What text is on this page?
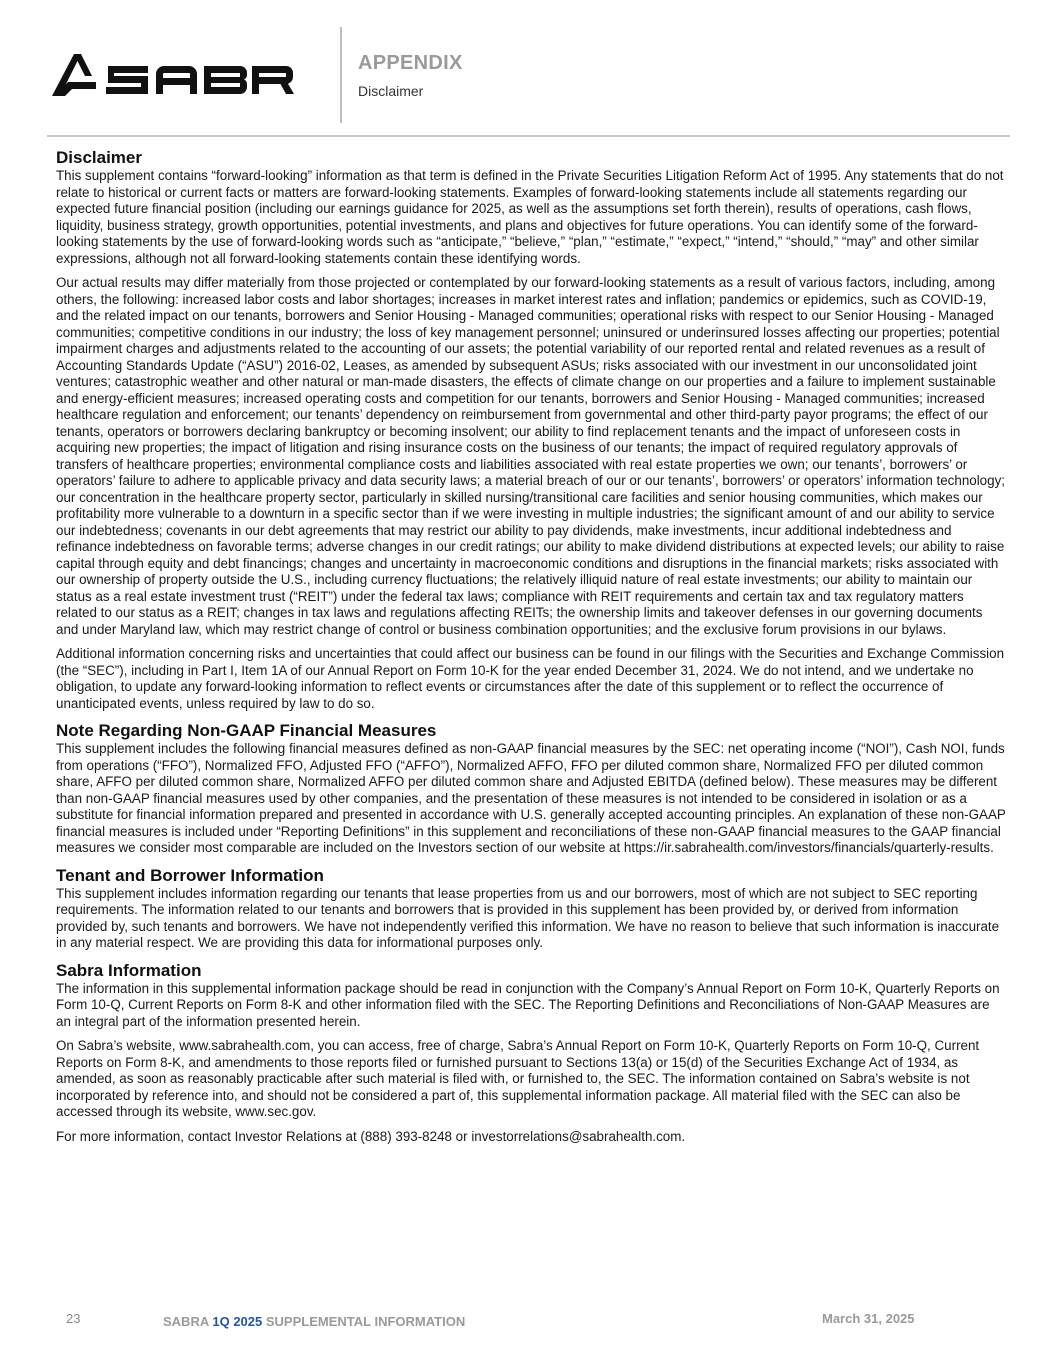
APPENDIX
Disclaimer
Disclaimer

This supplement contains “forward-looking” information as that term is defined in the Private Securities Litigation Reform Act of 1995. Any statements that do not relate to historical or current facts or matters are forward-looking statements. Examples of forward-looking statements include all statements regarding our expected future financial position (including our earnings guidance for 2025, as well as the assumptions set forth therein), results of operations, cash flows, liquidity, business strategy, growth opportunities, potential investments, and plans and objectives for future operations. You can identify some of the forward-looking statements by the use of forward-looking words such as “anticipate,” “believe,” “plan,” “estimate,” “expect,” “intend,” “should,” “may” and other similar expressions, although not all forward-looking statements contain these identifying words.

Our actual results may differ materially from those projected or contemplated by our forward-looking statements as a result of various factors, including, among others, the following: increased labor costs and labor shortages; increases in market interest rates and inflation; pandemics or epidemics, such as COVID-19, and the related impact on our tenants, borrowers and Senior Housing - Managed communities; operational risks with respect to our Senior Housing - Managed communities; competitive conditions in our industry; the loss of key management personnel; uninsured or underinsured losses affecting our properties; potential impairment charges and adjustments related to the accounting of our assets; the potential variability of our reported rental and related revenues as a result of Accounting Standards Update (“ASU”) 2016-02, Leases, as amended by subsequent ASUs; risks associated with our investment in our unconsolidated joint ventures; catastrophic weather and other natural or man-made disasters, the effects of climate change on our properties and a failure to implement sustainable and energy-efficient measures; increased operating costs and competition for our tenants, borrowers and Senior Housing - Managed communities; increased healthcare regulation and enforcement; our tenants’ dependency on reimbursement from governmental and other third-party payor programs; the effect of our tenants, operators or borrowers declaring bankruptcy or becoming insolvent; our ability to find replacement tenants and the impact of unforeseen costs in acquiring new properties; the impact of litigation and rising insurance costs on the business of our tenants; the impact of required regulatory approvals of transfers of healthcare properties; environmental compliance costs and liabilities associated with real estate properties we own; our tenants’, borrowers’ or operators’ failure to adhere to applicable privacy and data security laws; a material breach of our or our tenants’, borrowers’ or operators’ information technology; our concentration in the healthcare property sector, particularly in skilled nursing/transitional care facilities and senior housing communities, which makes our profitability more vulnerable to a downturn in a specific sector than if we were investing in multiple industries; the significant amount of and our ability to service our indebtedness; covenants in our debt agreements that may restrict our ability to pay dividends, make investments, incur additional indebtedness and refinance indebtedness on favorable terms; adverse changes in our credit ratings; our ability to make dividend distributions at expected levels; our ability to raise capital through equity and debt financings; changes and uncertainty in macroeconomic conditions and disruptions in the financial markets; risks associated with our ownership of property outside the U.S., including currency fluctuations; the relatively illiquid nature of real estate investments; our ability to maintain our status as a real estate investment trust (“REIT”) under the federal tax laws; compliance with REIT requirements and certain tax and tax regulatory matters related to our status as a REIT; changes in tax laws and regulations affecting REITs; the ownership limits and takeover defenses in our governing documents and under Maryland law, which may restrict change of control or business combination opportunities; and the exclusive forum provisions in our bylaws.

Additional information concerning risks and uncertainties that could affect our business can be found in our filings with the Securities and Exchange Commission (the “SEC”), including in Part I, Item 1A of our Annual Report on Form 10-K for the year ended December 31, 2024. We do not intend, and we undertake no obligation, to update any forward-looking information to reflect events or circumstances after the date of this supplement or to reflect the occurrence of unanticipated events, unless required by law to do so.

Note Regarding Non-GAAP Financial Measures

This supplement includes the following financial measures defined as non-GAAP financial measures by the SEC: net operating income (“NOI”), Cash NOI, funds from operations (“FFO”), Normalized FFO, Adjusted FFO (“AFFO”), Normalized AFFO, FFO per diluted common share, Normalized FFO per diluted common share, AFFO per diluted common share, Normalized AFFO per diluted common share and Adjusted EBITDA (defined below). These measures may be different than non-GAAP financial measures used by other companies, and the presentation of these measures is not intended to be considered in isolation or as a substitute for financial information prepared and presented in accordance with U.S. generally accepted accounting principles. An explanation of these non-GAAP financial measures is included under “Reporting Definitions” in this supplement and reconciliations of these non-GAAP financial measures to the GAAP financial measures we consider most comparable are included on the Investors section of our website at https://ir.sabrahealth.com/investors/financials/quarterly-results.

Tenant and Borrower Information

This supplement includes information regarding our tenants that lease properties from us and our borrowers, most of which are not subject to SEC reporting requirements. The information related to our tenants and borrowers that is provided in this supplement has been provided by, or derived from information provided by, such tenants and borrowers. We have not independently verified this information. We have no reason to believe that such information is inaccurate in any material respect. We are providing this data for informational purposes only.

Sabra Information

The information in this supplemental information package should be read in conjunction with the Company’s Annual Report on Form 10-K, Quarterly Reports on Form 10-Q, Current Reports on Form 8-K and other information filed with the SEC. The Reporting Definitions and Reconciliations of Non-GAAP Measures are an integral part of the information presented herein.

On Sabra’s website, www.sabrahealth.com, you can access, free of charge, Sabra’s Annual Report on Form 10-K, Quarterly Reports on Form 10-Q, Current Reports on Form 8-K, and amendments to those reports filed or furnished pursuant to Sections 13(a) or 15(d) of the Securities Exchange Act of 1934, as amended, as soon as reasonably practicable after such material is filed with, or furnished to, the SEC. The information contained on Sabra’s website is not incorporated by reference into, and should not be considered a part of, this supplemental information package. All material filed with the SEC can also be accessed through its website, www.sec.gov.

For more information, contact Investor Relations at (888) 393-8248 or investorrelations@sabrahealth.com.

23	SABRA 1Q 2025 SUPPLEMENTAL INFORMATION	March 31, 2025
